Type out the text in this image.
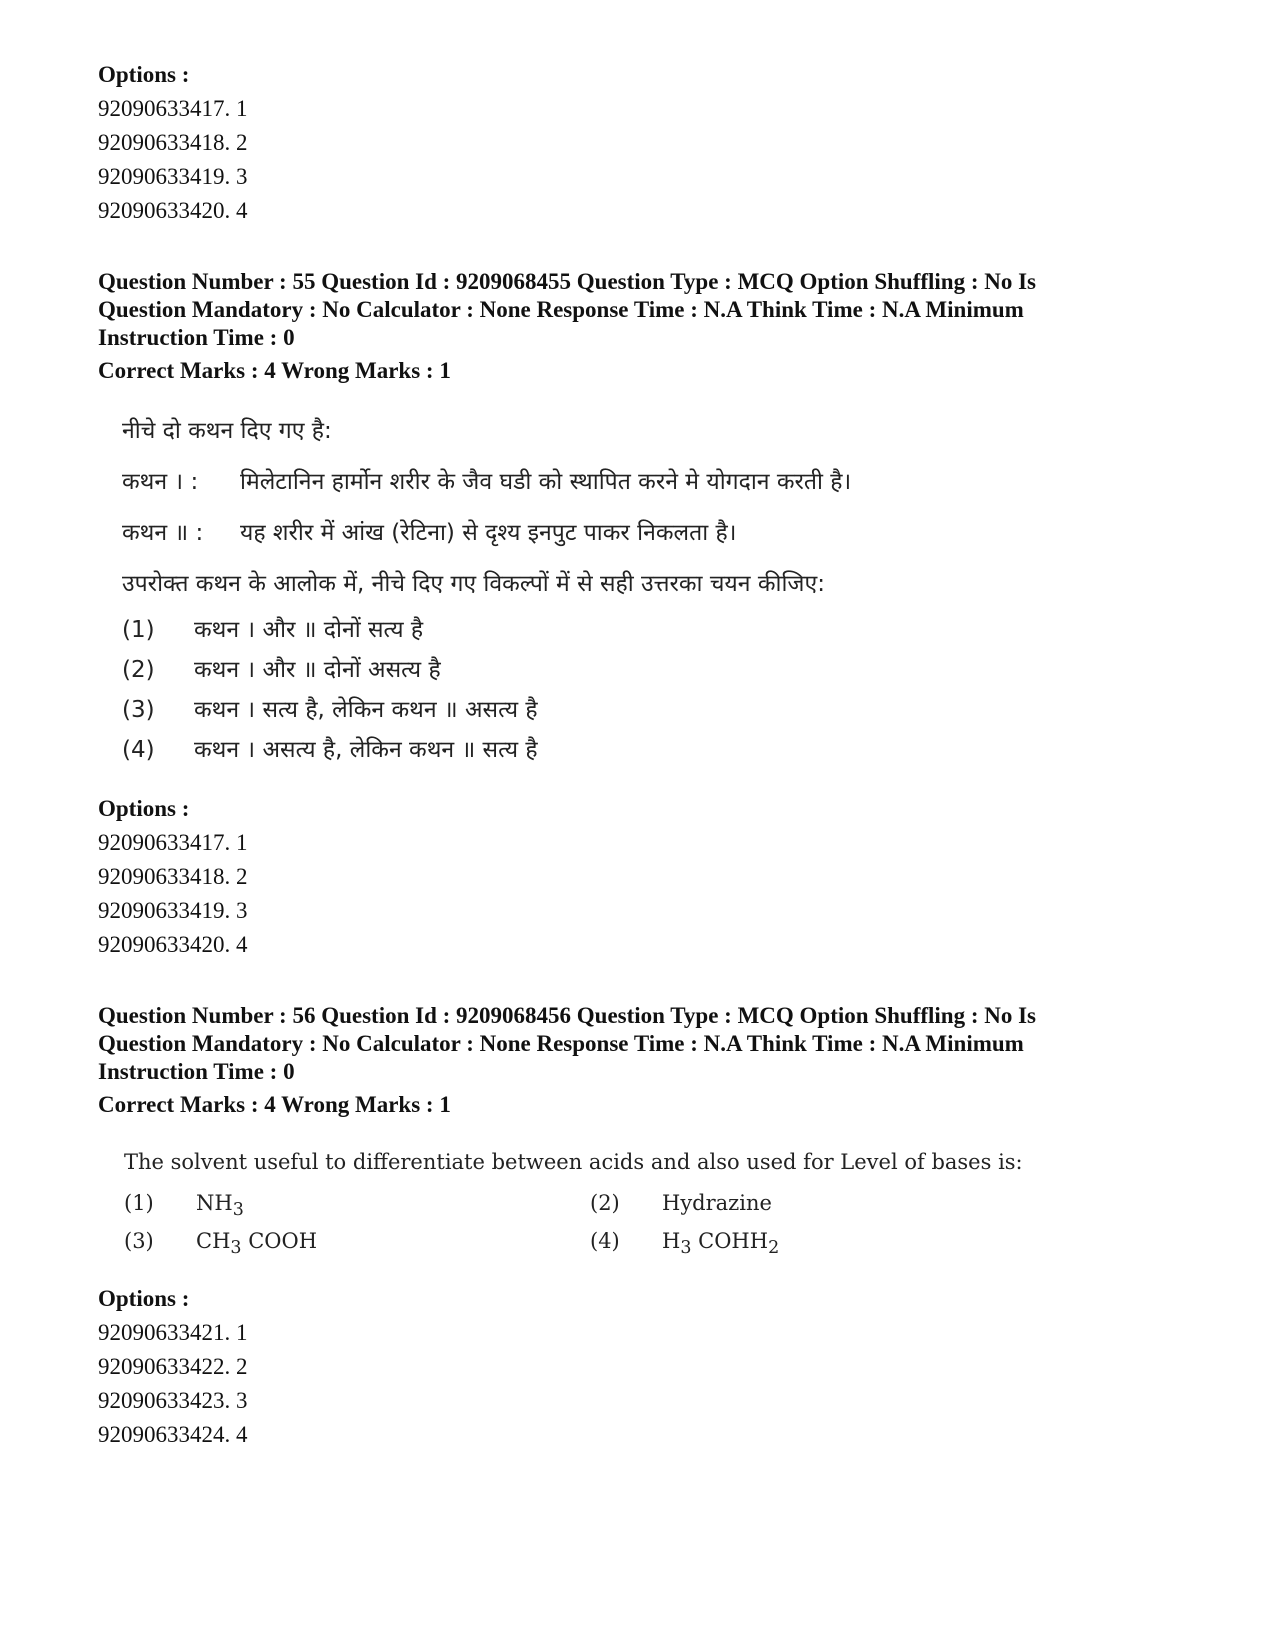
Options :
92090633417. 1
92090633418. 2
92090633419. 3
92090633420. 4
Question Number : 55 Question Id : 9209068455 Question Type : MCQ Option Shuffling : No Is
Question Mandatory : No Calculator : None Response Time : N.A Think Time : N.A Minimum
Instruction Time : 0
Correct Marks : 4 Wrong Marks : 1
नीचे दो कथन दिए गए है:
कथन । : मिलेटानिन हार्मोन शरीर के जैव घडी को स्थापित करने मे योगदान करती है।
कथन ॥ : यह शरीर में आंख (रेटिना) से दृश्य इनपुट पाकर निकलता है।
उपरोक्त कथन के आलोक में, नीचे दिए गए विकल्पों में से सही उत्तरका चयन कीजिए:
(1) कथन । और ॥ दोनों सत्य है
(2) कथन । और ॥ दोनों असत्य है
(3) कथन । सत्य है, लेकिन कथन ॥ असत्य है
(4) कथन । असत्य है, लेकिन कथन ॥ सत्य है
Options :
92090633417. 1
92090633418. 2
92090633419. 3
92090633420. 4
Question Number : 56 Question Id : 9209068456 Question Type : MCQ Option Shuffling : No Is
Question Mandatory : No Calculator : None Response Time : N.A Think Time : N.A Minimum
Instruction Time : 0
Correct Marks : 4 Wrong Marks : 1
The solvent useful to differentiate between acids and also used for Level of bases is:
(1) $NH_3$	(2) Hydrazine
(3) $CH_3$ COOH	(4) $H_3$ $COHH_2$
Options :
92090633421. 1
92090633422. 2
92090633423. 3
92090633424. 4
